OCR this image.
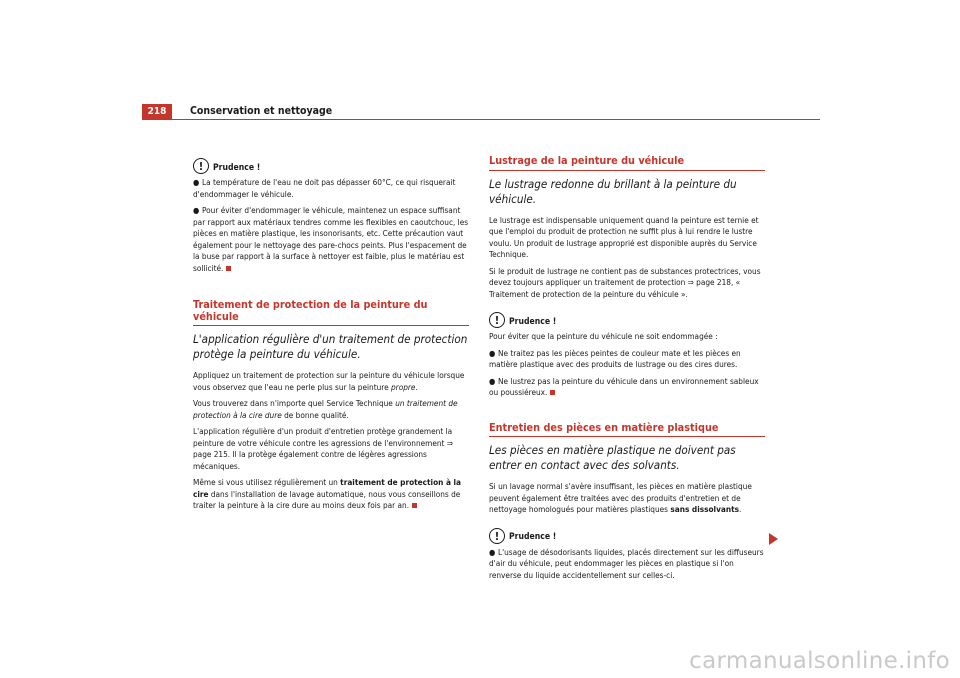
218	Conservation et nettoyage
!	Prudence !

● La température de l'eau ne doit pas dépasser 60°C, ce qui risquerait d'endommager le véhicule.

● Pour éviter d'endommager le véhicule, maintenez un espace suffisant par rapport aux matériaux tendres comme les flexibles en caoutchouc, les pièces en matière plastique, les insonorisants, etc. Cette précaution vaut également pour le nettoyage des pare-chocs peints. Plus l'espacement de la buse par rapport à la surface à nettoyer est faible, plus le matériau est sollicité.

Traitement de protection de la peinture du véhicule
L'application régulière d'un traitement de protection protège la peinture du véhicule.

Appliquez un traitement de protection sur la peinture du véhicule lorsque vous observez que l'eau ne perle plus sur la peinture propre.

Vous trouverez dans n'importe quel Service Technique un traitement de protection à la cire dure de bonne qualité.

L'application régulière d'un produit d'entretien protège grandement la peinture de votre véhicule contre les agressions de l'environnement ⇒ page 215. Il la protège également contre de légères agressions mécaniques.

Même si vous utilisez régulièrement un traitement de protection à la cire dans l'installation de lavage automatique, nous vous conseillons de traiter la peinture à la cire dure au moins deux fois par an.

Lustrage de la peinture du véhicule
Le lustrage redonne du brillant à la peinture du véhicule.

Le lustrage est indispensable uniquement quand la peinture est ternie et que l'emploi du produit de protection ne suffit plus à lui rendre le lustre voulu. Un produit de lustrage approprié est disponible auprès du Service Technique.

Si le produit de lustrage ne contient pas de substances protectrices, vous devez toujours appliquer un traitement de protection ⇒ page 218, « Traitement de protection de la peinture du véhicule ».

!	Prudence !

Pour éviter que la peinture du véhicule ne soit endommagée :

● Ne traitez pas les pièces peintes de couleur mate et les pièces en matière plastique avec des produits de lustrage ou des cires dures.

● Ne lustrez pas la peinture du véhicule dans un environnement sableux ou poussiéreux.

Entretien des pièces en matière plastique
Les pièces en matière plastique ne doivent pas entrer en contact avec des solvants.

Si un lavage normal s'avère insuffisant, les pièces en matière plastique peuvent également être traitées avec des produits d'entretien et de nettoyage homologués pour matières plastiques sans dissolvants.

!	Prudence !

● L'usage de désodorisants liquides, placés directement sur les diffuseurs d'air du véhicule, peut endommager les pièces en plastique si l'on renverse du liquide accidentellement sur celles-ci.

carmanualsonline.info
